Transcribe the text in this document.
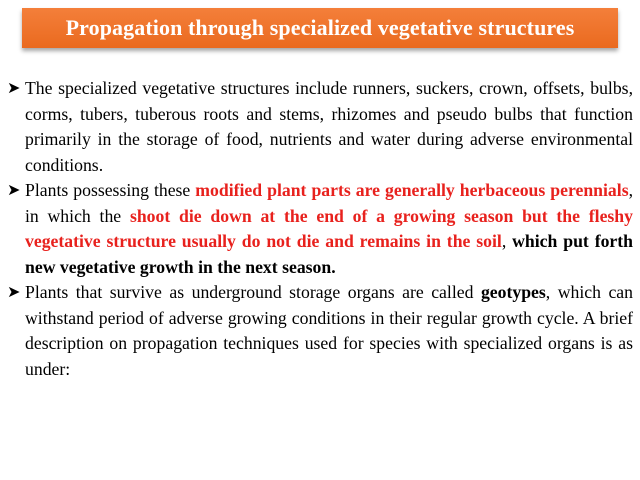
Propagation through specialized vegetative structures
➤ The specialized vegetative structures include runners, suckers, crown, offsets, bulbs, corms, tubers, tuberous roots and stems, rhizomes and pseudo bulbs that function primarily in the storage of food, nutrients and water during adverse environmental conditions.
➤ Plants possessing these modified plant parts are generally herbaceous perennials, in which the shoot die down at the end of a growing season but the fleshy vegetative structure usually do not die and remains in the soil, which put forth new vegetative growth in the next season.
➤ Plants that survive as underground storage organs are called geotypes, which can withstand period of adverse growing conditions in their regular growth cycle. A brief description on propagation techniques used for species with specialized organs is as under:
